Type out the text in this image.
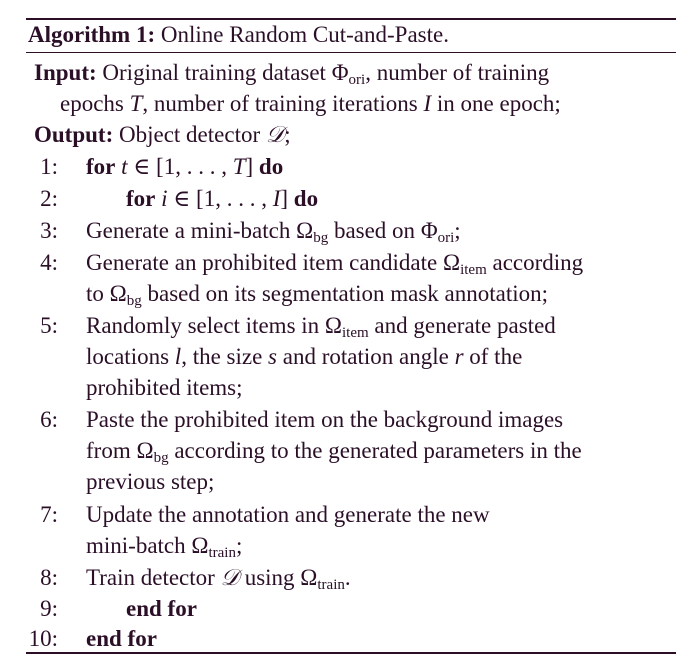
Algorithm 1: Online Random Cut-and-Paste.
Input: Original training dataset $\Phi_{ori}$, number of training
epochs T, number of training iterations I in one epoch;
Output: Object detector 𝒟;
1: for t ∈ [1, . . . , T] do
2:	for i ∈ [1, . . . , I] do
3: Generate a mini-batch $\Omega_{bg}$ based on $\Phi_{ori}$;
4: Generate an prohibited item candidate $\Omega_{item}$ according
to $\Omega_{bg}$ based on its segmentation mask annotation;
5: Randomly select items in $\Omega_{item}$ and generate pasted
locations l, the size s and rotation angle r of the
prohibited items;
6: Paste the prohibited item on the background images
from $\Omega_{bg}$ according to the generated parameters in the
previous step;
7: Update the annotation and generate the new
mini-batch $\Omega_{train}$;
8: Train detector 𝒟 using $\Omega_{train}$.
9:	end for
10: end for
